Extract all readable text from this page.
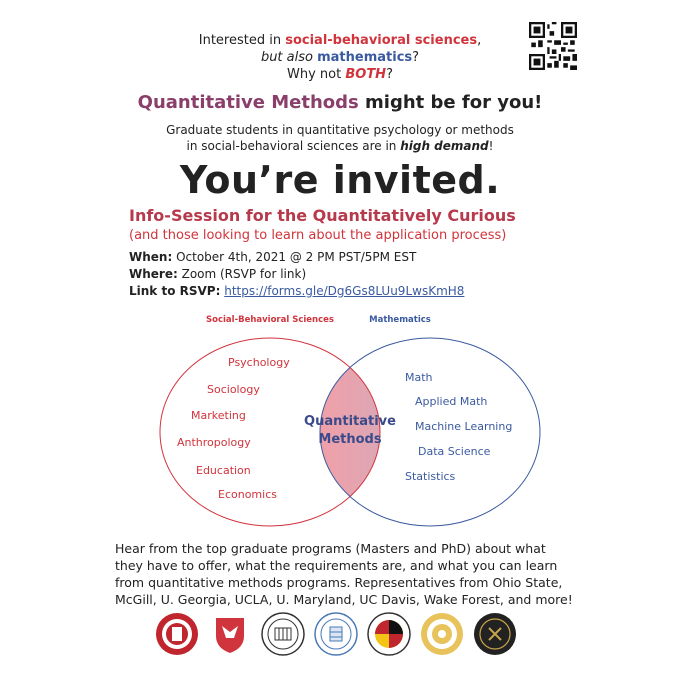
Interested in social-behavioral sciences,
but also mathematics?
Why not BOTH?
Quantitative Methods might be for you!
Graduate students in quantitative psychology or methods
in social-behavioral sciences are in high demand!
You’re invited.
Info-Session for the Quantitatively Curious
(and those looking to learn about the application process)
When: October 4th, 2021 @ 2 PM PST/5PM EST
Where: Zoom (RSVP for link)
Link to RSVP: https://forms.gle/Dg6Gs8LUu9LwsKmH8
Social-Behavioral Sciences	Mathematics
Psychology
Sociology
Marketing
Anthropology
Education
Economics
Math
Applied Math
Machine Learning
Data Science
Statistics
Quantitative
Methods
Hear from the top graduate programs (Masters and PhD) about what they have to offer, what the requirements are, and what you can learn from quantitative methods programs. Representatives from Ohio State, McGill, U. Georgia, UCLA, U. Maryland, UC Davis, Wake Forest, and more!
